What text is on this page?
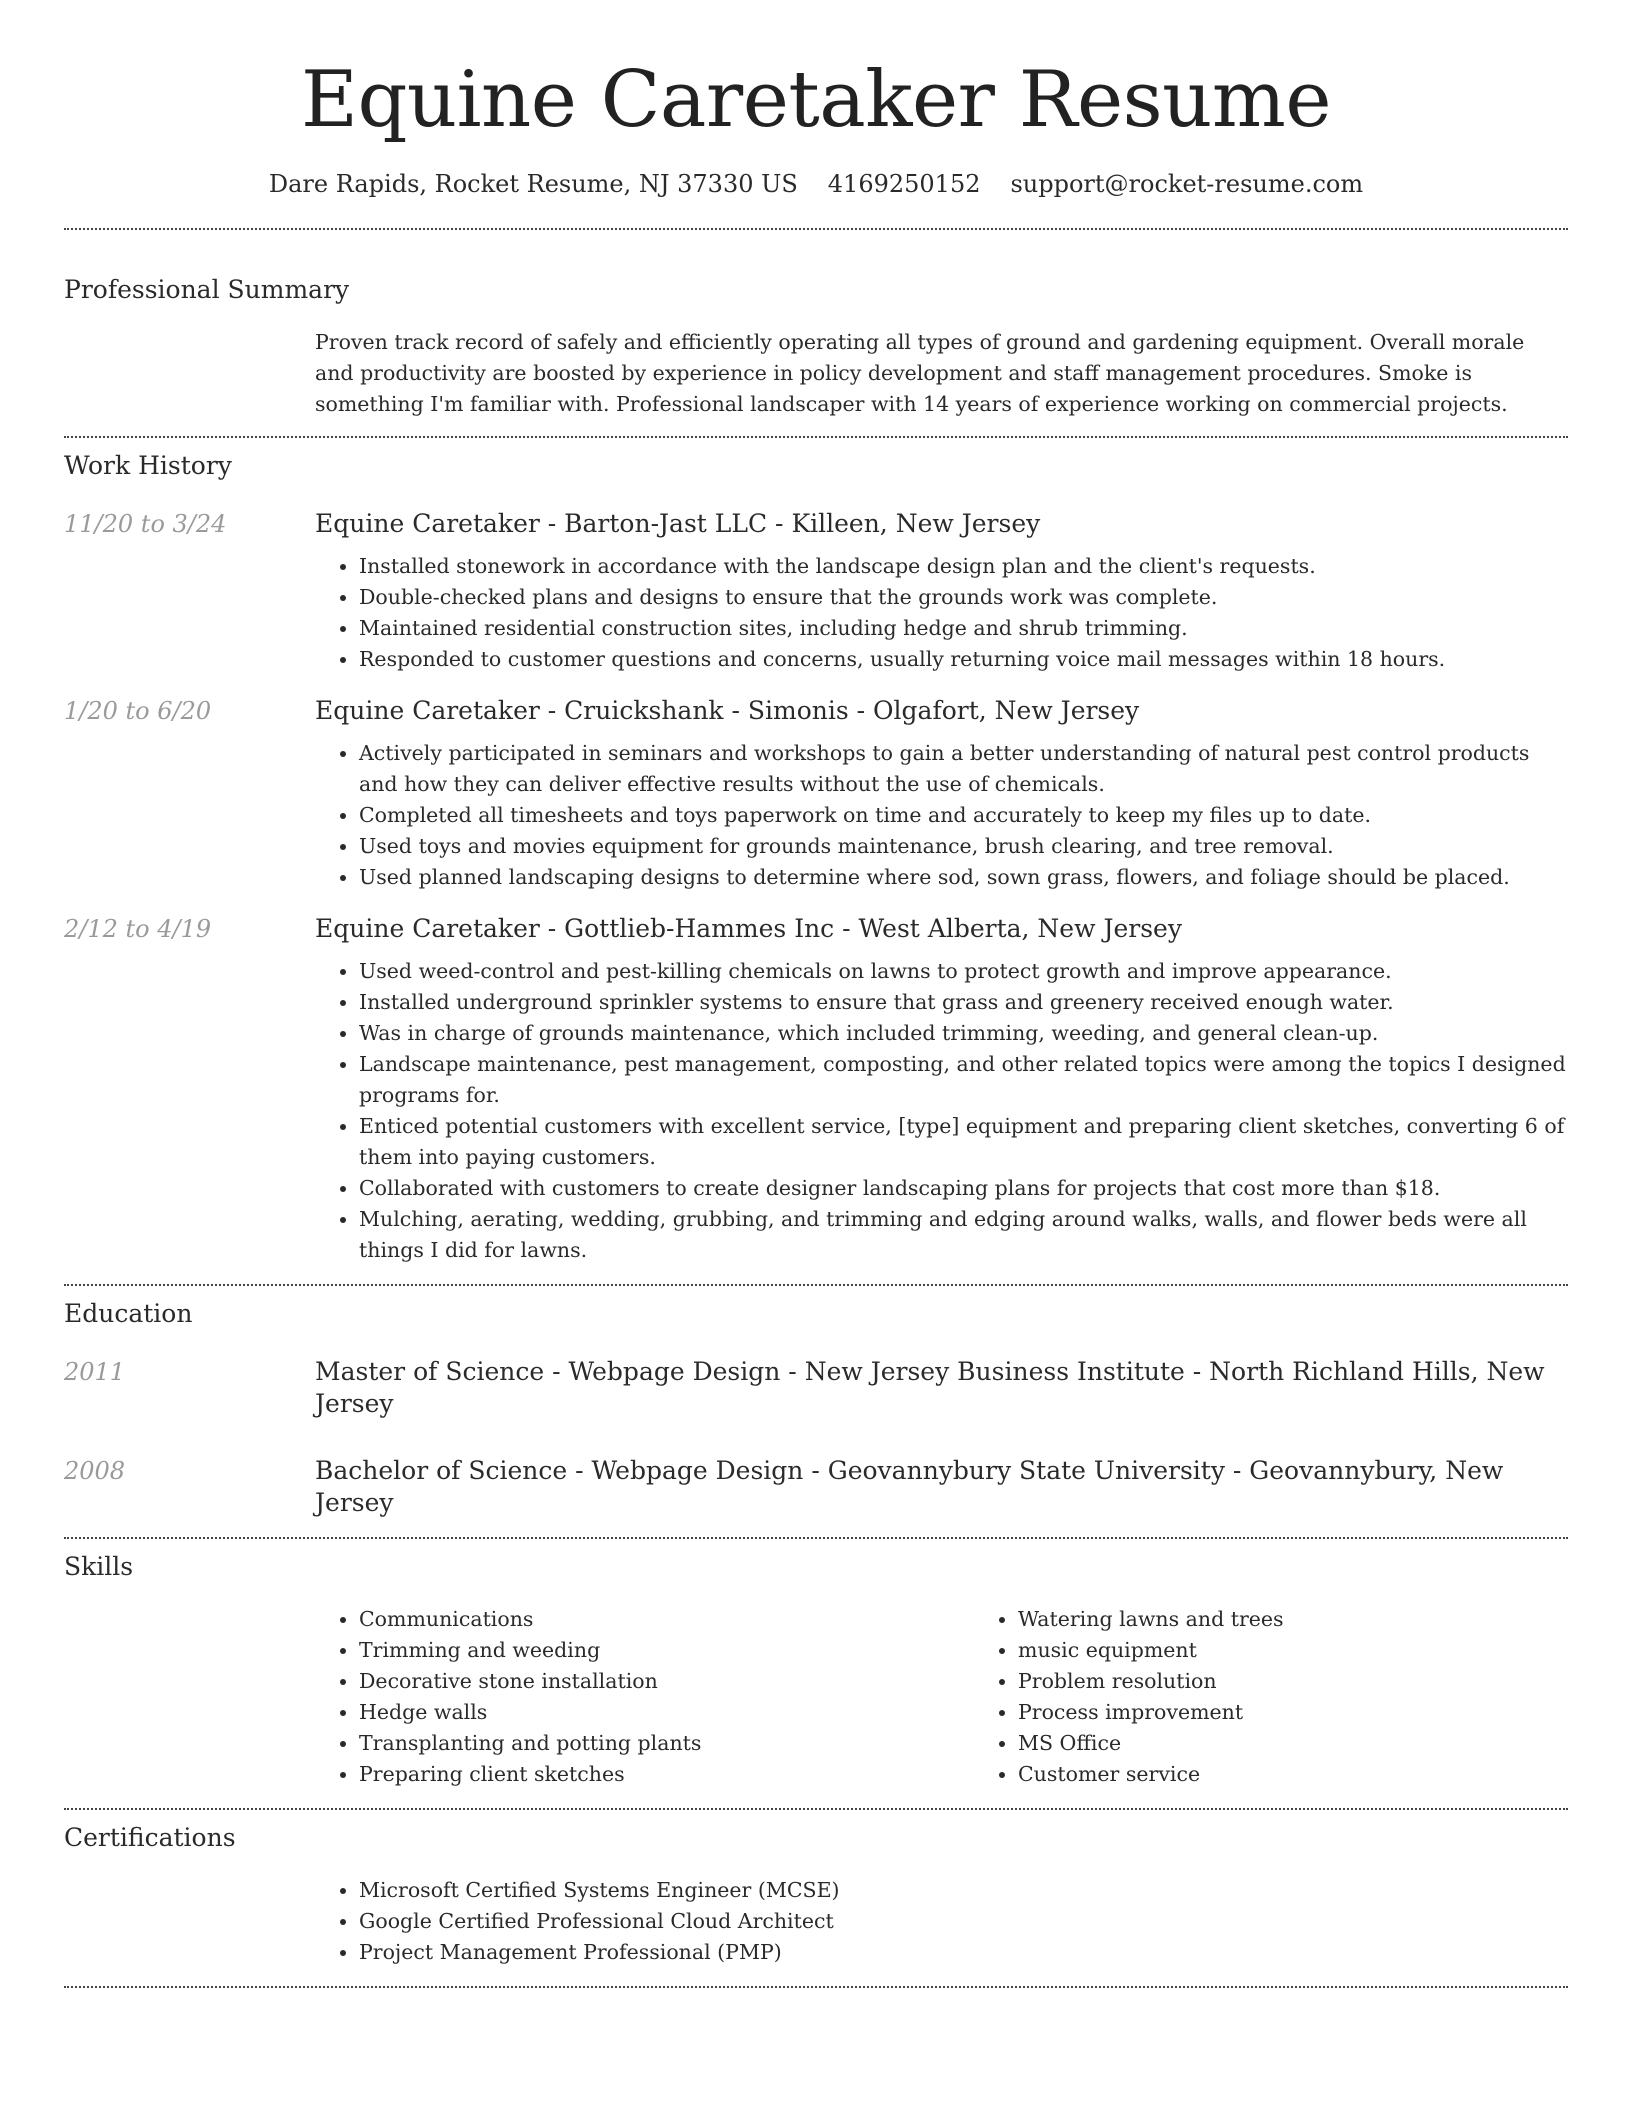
Equine Caretaker Resume
Dare Rapids, Rocket Resume, NJ 37330 US 4169250152 support@rocket-resume.com
Professional Summary
Proven track record of safely and efficiently operating all types of ground and gardening equipment. Overall morale and productivity are boosted by experience in policy development and staff management procedures. Smoke is something I'm familiar with. Professional landscaper with 14 years of experience working on commercial projects.
Work History
11/20 to 3/24	Equine Caretaker - Barton-Jast LLC - Killeen, New Jersey
• Installed stonework in accordance with the landscape design plan and the client's requests.
• Double-checked plans and designs to ensure that the grounds work was complete.
• Maintained residential construction sites, including hedge and shrub trimming.
• Responded to customer questions and concerns, usually returning voice mail messages within 18 hours.
1/20 to 6/20	Equine Caretaker - Cruickshank - Simonis - Olgafort, New Jersey
• Actively participated in seminars and workshops to gain a better understanding of natural pest control products and how they can deliver effective results without the use of chemicals.
• Completed all timesheets and toys paperwork on time and accurately to keep my files up to date.
• Used toys and movies equipment for grounds maintenance, brush clearing, and tree removal.
• Used planned landscaping designs to determine where sod, sown grass, flowers, and foliage should be placed.
2/12 to 4/19	Equine Caretaker - Gottlieb-Hammes Inc - West Alberta, New Jersey
• Used weed-control and pest-killing chemicals on lawns to protect growth and improve appearance.
• Installed underground sprinkler systems to ensure that grass and greenery received enough water.
• Was in charge of grounds maintenance, which included trimming, weeding, and general clean-up.
• Landscape maintenance, pest management, composting, and other related topics were among the topics I designed programs for.
• Enticed potential customers with excellent service, [type] equipment and preparing client sketches, converting 6 of them into paying customers.
• Collaborated with customers to create designer landscaping plans for projects that cost more than $18.
• Mulching, aerating, wedding, grubbing, and trimming and edging around walks, walls, and flower beds were all things I did for lawns.
Education
2011	Master of Science - Webpage Design - New Jersey Business Institute - North Richland Hills, New Jersey
2008	Bachelor of Science - Webpage Design - Geovannybury State University - Geovannybury, New Jersey
Skills
• Communications
• Trimming and weeding
• Decorative stone installation
• Hedge walls
• Transplanting and potting plants
• Preparing client sketches
• Watering lawns and trees
• music equipment
• Problem resolution
• Process improvement
• MS Office
• Customer service
Certifications
• Microsoft Certified Systems Engineer (MCSE)
• Google Certified Professional Cloud Architect
• Project Management Professional (PMP)
